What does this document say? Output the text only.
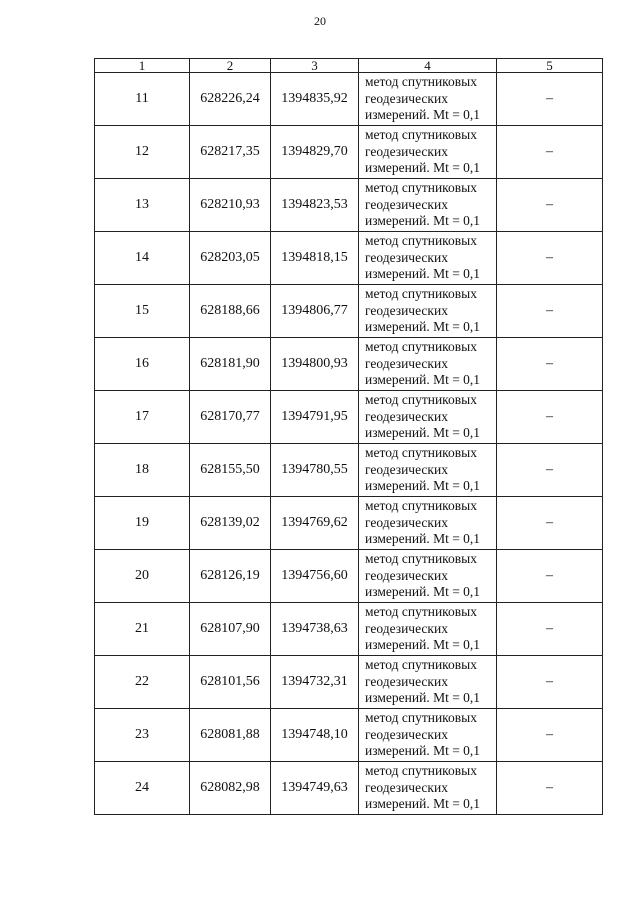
20
1	2	3	4	5
11	628226,24	1394835,92	метод спутниковых
геодезических
измерений. Mt = 0,1	–
12	628217,35	1394829,70	метод спутниковых
геодезических
измерений. Mt = 0,1	–
13	628210,93	1394823,53	метод спутниковых
геодезических
измерений. Mt = 0,1	–
14	628203,05	1394818,15	метод спутниковых
геодезических
измерений. Mt = 0,1	–
15	628188,66	1394806,77	метод спутниковых
геодезических
измерений. Mt = 0,1	–
16	628181,90	1394800,93	метод спутниковых
геодезических
измерений. Mt = 0,1	–
17	628170,77	1394791,95	метод спутниковых
геодезических
измерений. Mt = 0,1	–
18	628155,50	1394780,55	метод спутниковых
геодезических
измерений. Mt = 0,1	–
19	628139,02	1394769,62	метод спутниковых
геодезических
измерений. Mt = 0,1	–
20	628126,19	1394756,60	метод спутниковых
геодезических
измерений. Mt = 0,1	–
21	628107,90	1394738,63	метод спутниковых
геодезических
измерений. Mt = 0,1	–
22	628101,56	1394732,31	метод спутниковых
геодезических
измерений. Mt = 0,1	–
23	628081,88	1394748,10	метод спутниковых
геодезических
измерений. Mt = 0,1	–
24	628082,98	1394749,63	метод спутниковых
геодезических
измерений. Mt = 0,1	–
